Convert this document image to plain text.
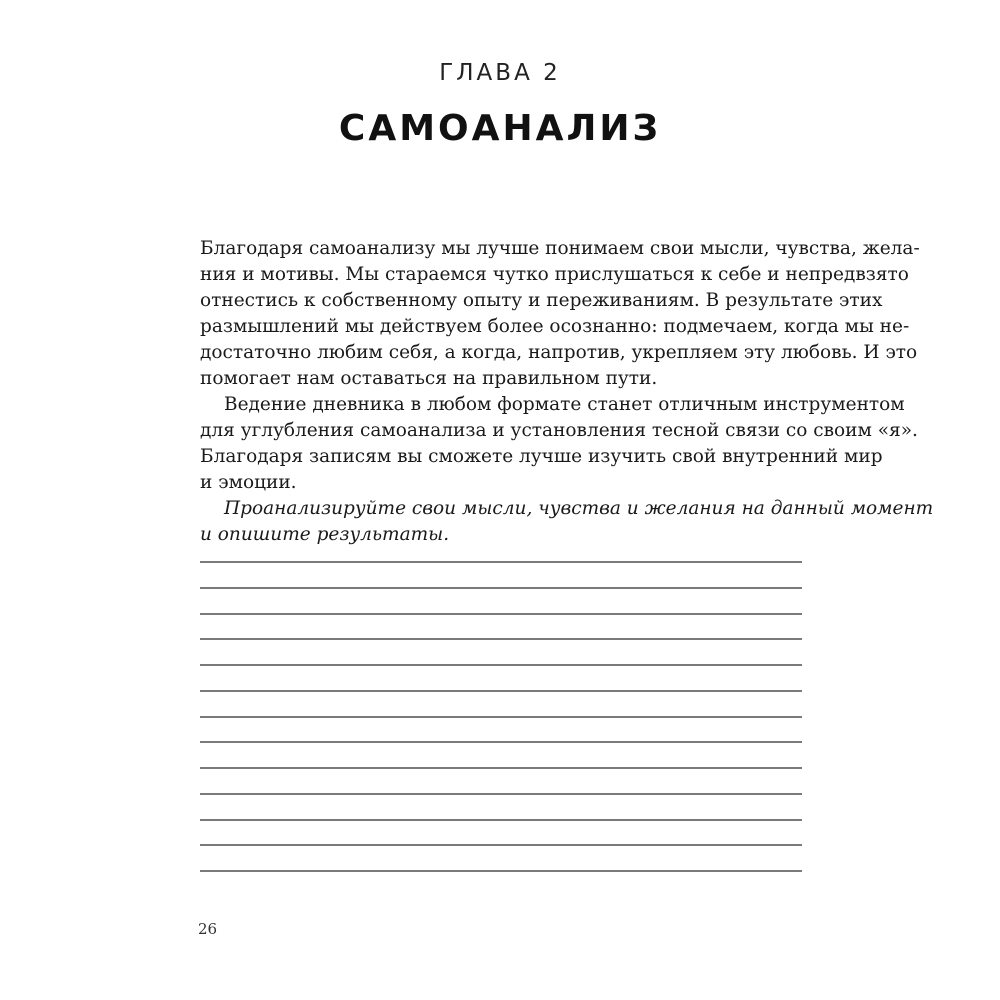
ГЛАВА 2
САМОАНАЛИЗ
Благодаря самоанализу мы лучше понимаем свои мысли, чувства, жела-
ния и мотивы. Мы стараемся чутко прислушаться к себе и непредвзято
отнестись к собственному опыту и переживаниям. В результате этих
размышлений мы действуем более осознанно: подмечаем, когда мы не-
достаточно любим себя, а когда, напротив, укрепляем эту любовь. И это
помогает нам оставаться на правильном пути.
Ведение дневника в любом формате станет отличным инструментом
для углубления самоанализа и установления тесной связи со своим «я».
Благодаря записям вы сможете лучше изучить свой внутренний мир
и эмоции.
Проанализируйте свои мысли, чувства и желания на данный момент
и опишите результаты.
26
